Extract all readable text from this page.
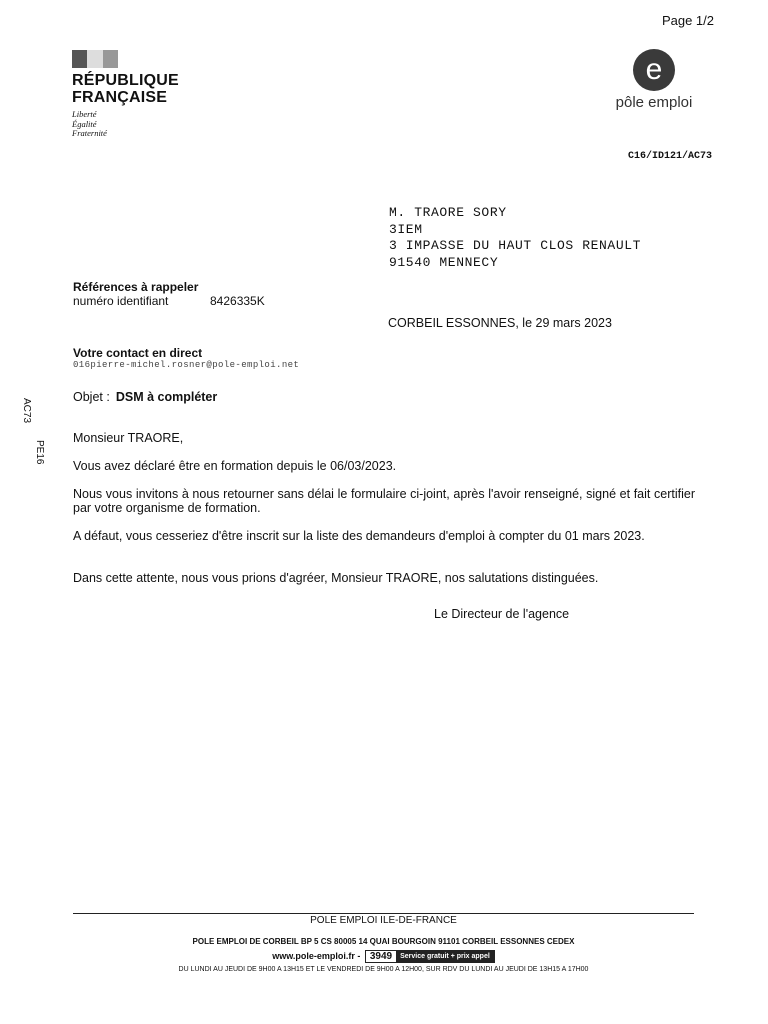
Page 1/2
RÉPUBLIQUE
FRANÇAISE
Liberté
Égalité
Fraternité
e
pôle emploi
C16/ID121/AC73
M. TRAORE SORY
3IEM
3 IMPASSE DU HAUT CLOS RENAULT
91540 MENNECY
Références à rappeler
numéro identifiant	8426335K
CORBEIL ESSONNES, le 29 mars 2023
Votre contact en direct
016pierre-michel.rosner@pole-emploi.net
Objet : DSM à compléter
AC73
PE16
Monsieur TRAORE,
Vous avez déclaré être en formation depuis le 06/03/2023.
Nous vous invitons à nous retourner sans délai le formulaire ci-joint, après l'avoir renseigné, signé et fait certifier par votre organisme de formation.
A défaut, vous cesseriez d'être inscrit sur la liste des demandeurs d'emploi à compter du 01 mars 2023.
Dans cette attente, nous vous prions d'agréer, Monsieur TRAORE, nos salutations distinguées.
Le Directeur de l'agence
POLE EMPLOI ILE-DE-FRANCE
POLE EMPLOI DE CORBEIL BP 5 CS 80005 14 QUAI BOURGOIN 91101 CORBEIL ESSONNES CEDEX
www.pole-emploi.fr - 3949	Service gratuit + prix appel
DU LUNDI AU JEUDI DE 9H00 A 13H15 ET LE VENDREDI DE 9H00 A 12H00, SUR RDV DU LUNDI AU JEUDI DE 13H15 A 17H00
